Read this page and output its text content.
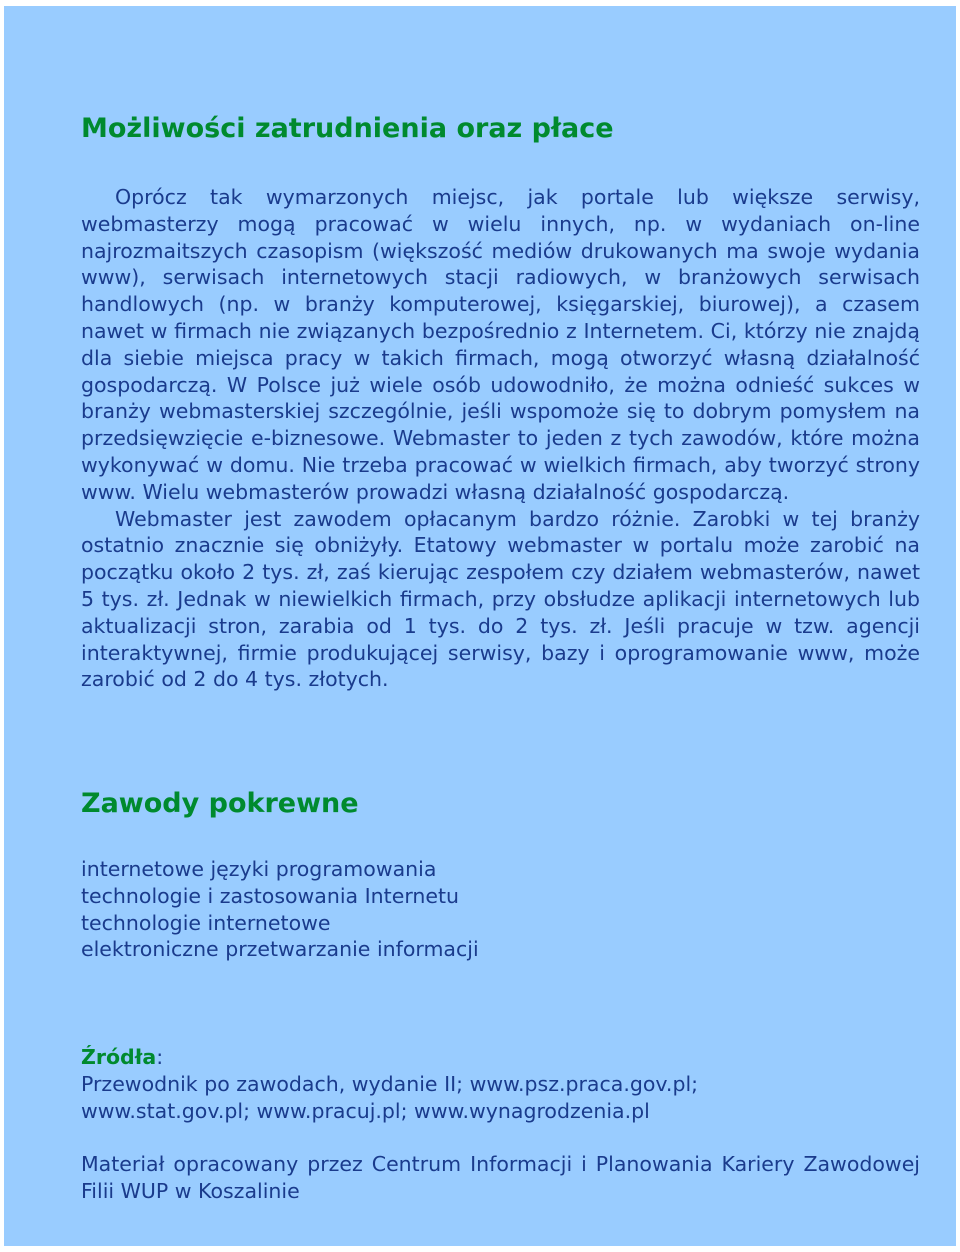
Możliwości zatrudnienia oraz płace

Oprócz tak wymarzonych miejsc, jak portale lub większe serwisy, webmasterzy mogą pracować w wielu innych, np. w wydaniach on-line najrozmaitszych czasopism (większość mediów drukowanych ma swoje wydania www), serwisach internetowych stacji radiowych, w branżowych serwisach handlowych (np. w branży komputerowej, księgarskiej, biurowej), a czasem nawet w firmach nie związanych bezpośrednio z Internetem. Ci, którzy nie znajdą dla siebie miejsca pracy w takich firmach, mogą otworzyć własną działalność gospodarczą. W Polsce już wiele osób udowodniło, że można odnieść sukces w branży webmasterskiej szczególnie, jeśli wspomoże się to dobrym pomysłem na przedsięwzięcie e-biznesowe. Webmaster to jeden z tych zawodów, które można wykonywać w domu. Nie trzeba pracować w wielkich firmach, aby tworzyć strony www. Wielu webmasterów prowadzi własną działalność gospodarczą.

Webmaster jest zawodem opłacanym bardzo różnie. Zarobki w tej branży ostatnio znacznie się obniżyły. Etatowy webmaster w portalu może zarobić na początku około 2 tys. zł, zaś kierując zespołem czy działem webmasterów, nawet 5 tys. zł. Jednak w niewielkich firmach, przy obsłudze aplikacji internetowych lub aktualizacji stron, zarabia od 1 tys. do 2 tys. zł. Jeśli pracuje w tzw. agencji interaktywnej, firmie produkującej serwisy, bazy i oprogramowanie www, może zarobić od 2 do 4 tys. złotych.

Zawody pokrewne
internetowe języki programowania
technologie i zastosowania Internetu
technologie internetowe
elektroniczne przetwarzanie informacji
Źródła:
Przewodnik po zawodach, wydanie II; www.psz.praca.gov.pl;
www.stat.gov.pl; www.pracuj.pl; www.wynagrodzenia.pl

Materiał opracowany przez Centrum Informacji i Planowania Kariery Zawodowej Filii WUP w Koszalinie
